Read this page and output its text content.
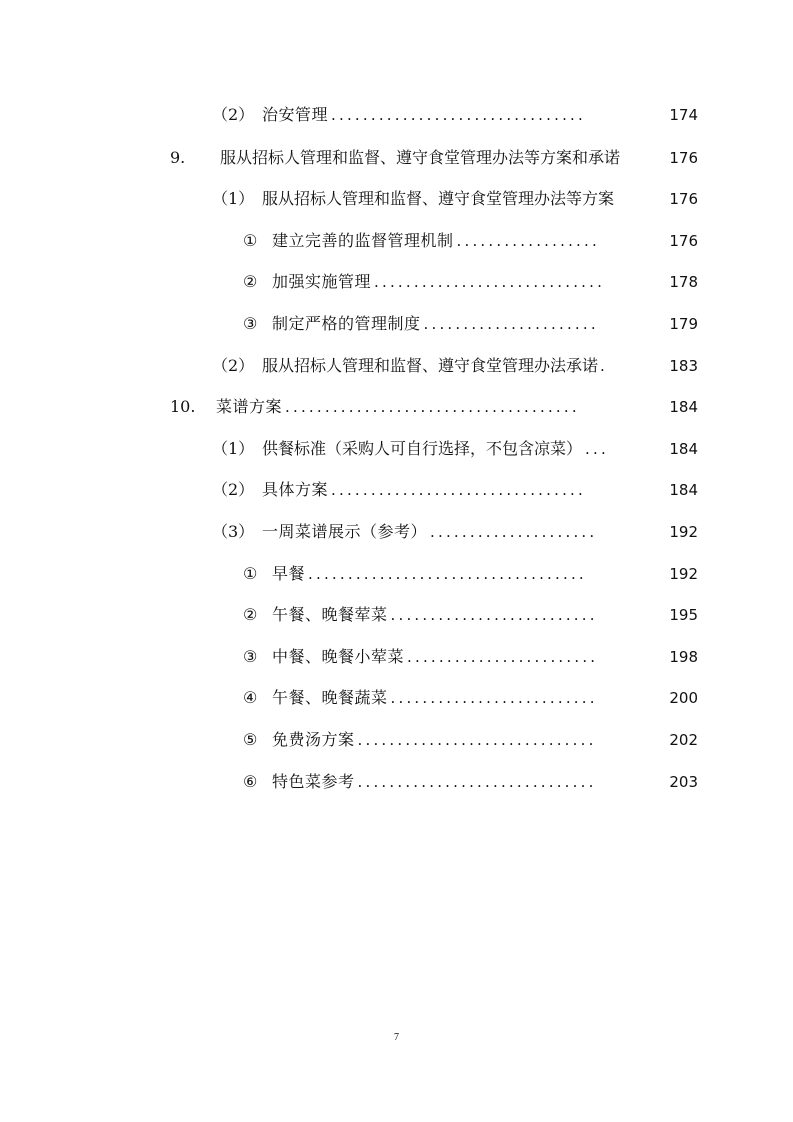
（2） 治安管理 ................................	174
9. 服从招标人管理和监督、遵守食堂管理办法等方案和承诺	176
（1） 服从招标人管理和监督、遵守食堂管理办法等方案	176
① 建立完善的监督管理机制 ..................	176
② 加强实施管理 .............................	178
③ 制定严格的管理制度 ......................	179
（2） 服从招标人管理和监督、遵守食堂管理办法承诺 .	183
10. 菜谱方案 .....................................	184
（1） 供餐标准（采购人可自行选择，不包含凉菜） ...	184
（2） 具体方案 ................................	184
（3） 一周菜谱展示（参考） .....................	192
① 早餐 ...................................	192
② 午餐、晚餐荤菜 ..........................	195
③ 中餐、晚餐小荤菜 ........................	198
④ 午餐、晚餐蔬菜 ..........................	200
⑤ 免费汤方案 ..............................	202
⑥ 特色菜参考 ..............................	203
7
